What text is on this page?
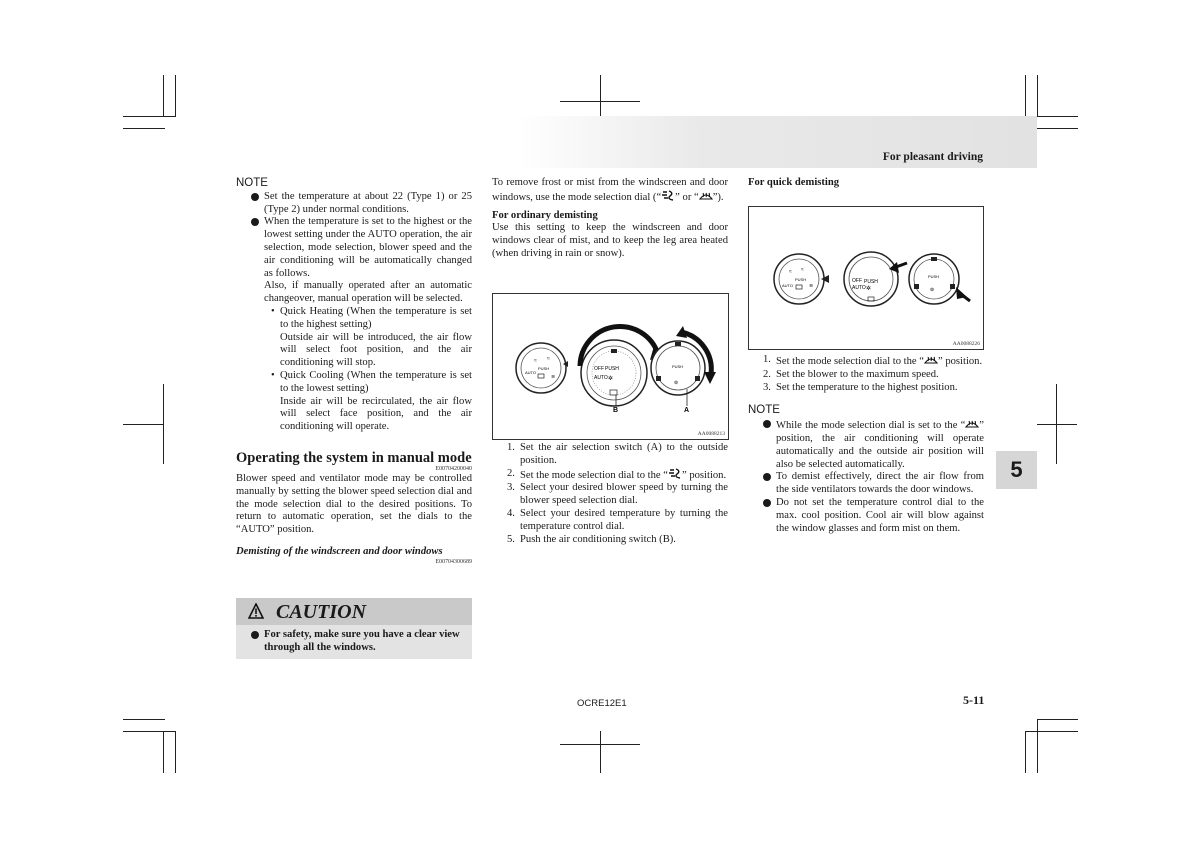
For pleasant driving
5
NOTE
Set the temperature at about 22 (Type 1) or 25 (Type 2) under normal conditions.
When the temperature is set to the highest or the lowest setting under the AUTO operation, the air selection, mode selection, blower speed and the air conditioning will be automatically changed as follows.

Also, if manually operated after an automatic changeover, manual operation will be selected.

• Quick Heating (When the temperature is set to the highest setting)

Outside air will be introduced, the air flow will select foot position, and the air conditioning will stop.

• Quick Cooling (When the temperature is set to the lowest setting)

Inside air will be recirculated, the air flow will select face position, and the air conditioning will operate.

Operating the system in manual mode
E00704200040

Blower speed and ventilator mode may be controlled manually by setting the blower speed selection dial and the mode selection dial to the desired positions. To return to automatic operation, set the dials to the “AUTO” position.

Demisting of the windscreen and door windows
E00704300689
CAUTION
For safety, make sure you have a clear view through all the windows.

To remove frost or mist from the windscreen and door windows, use the mode selection dial (“ ” or “ ”).

For ordinary demisting

Use this setting to keep the windscreen and door windows clear of mist, and to keep the leg area heated (when driving in rain or snow).

≈ ≈
PUSH
AUTO
≋
OFF PUSH
AUTO ✲
PUSH
⊚
B	A
AA0088213
1. Set the air selection switch (A) to the outside position.
2. Set the mode selection dial to the “ ” position.
3. Select your desired blower speed by turning the blower speed selection dial.
4. Select your desired temperature by turning the temperature control dial.
5. Push the air conditioning switch (B).
For quick demisting
≈ ≈
PUSH
AUTO	≋
OFF PUSH
AUTO ✲
PUSH
⊚
AA0088226
1. Set the mode selection dial to the “ ” position.
2. Set the blower to the maximum speed.
3. Set the temperature to the highest position.
NOTE
While the mode selection dial is set to the “ ” position, the air conditioning will operate automatically and the outside air position will also be selected automatically.
To demist effectively, direct the air flow from the side ventilators towards the door windows.
Do not set the temperature control dial to the max. cool position. Cool air will blow against the window glasses and form mist on them.
OCRE12E1	5-11
